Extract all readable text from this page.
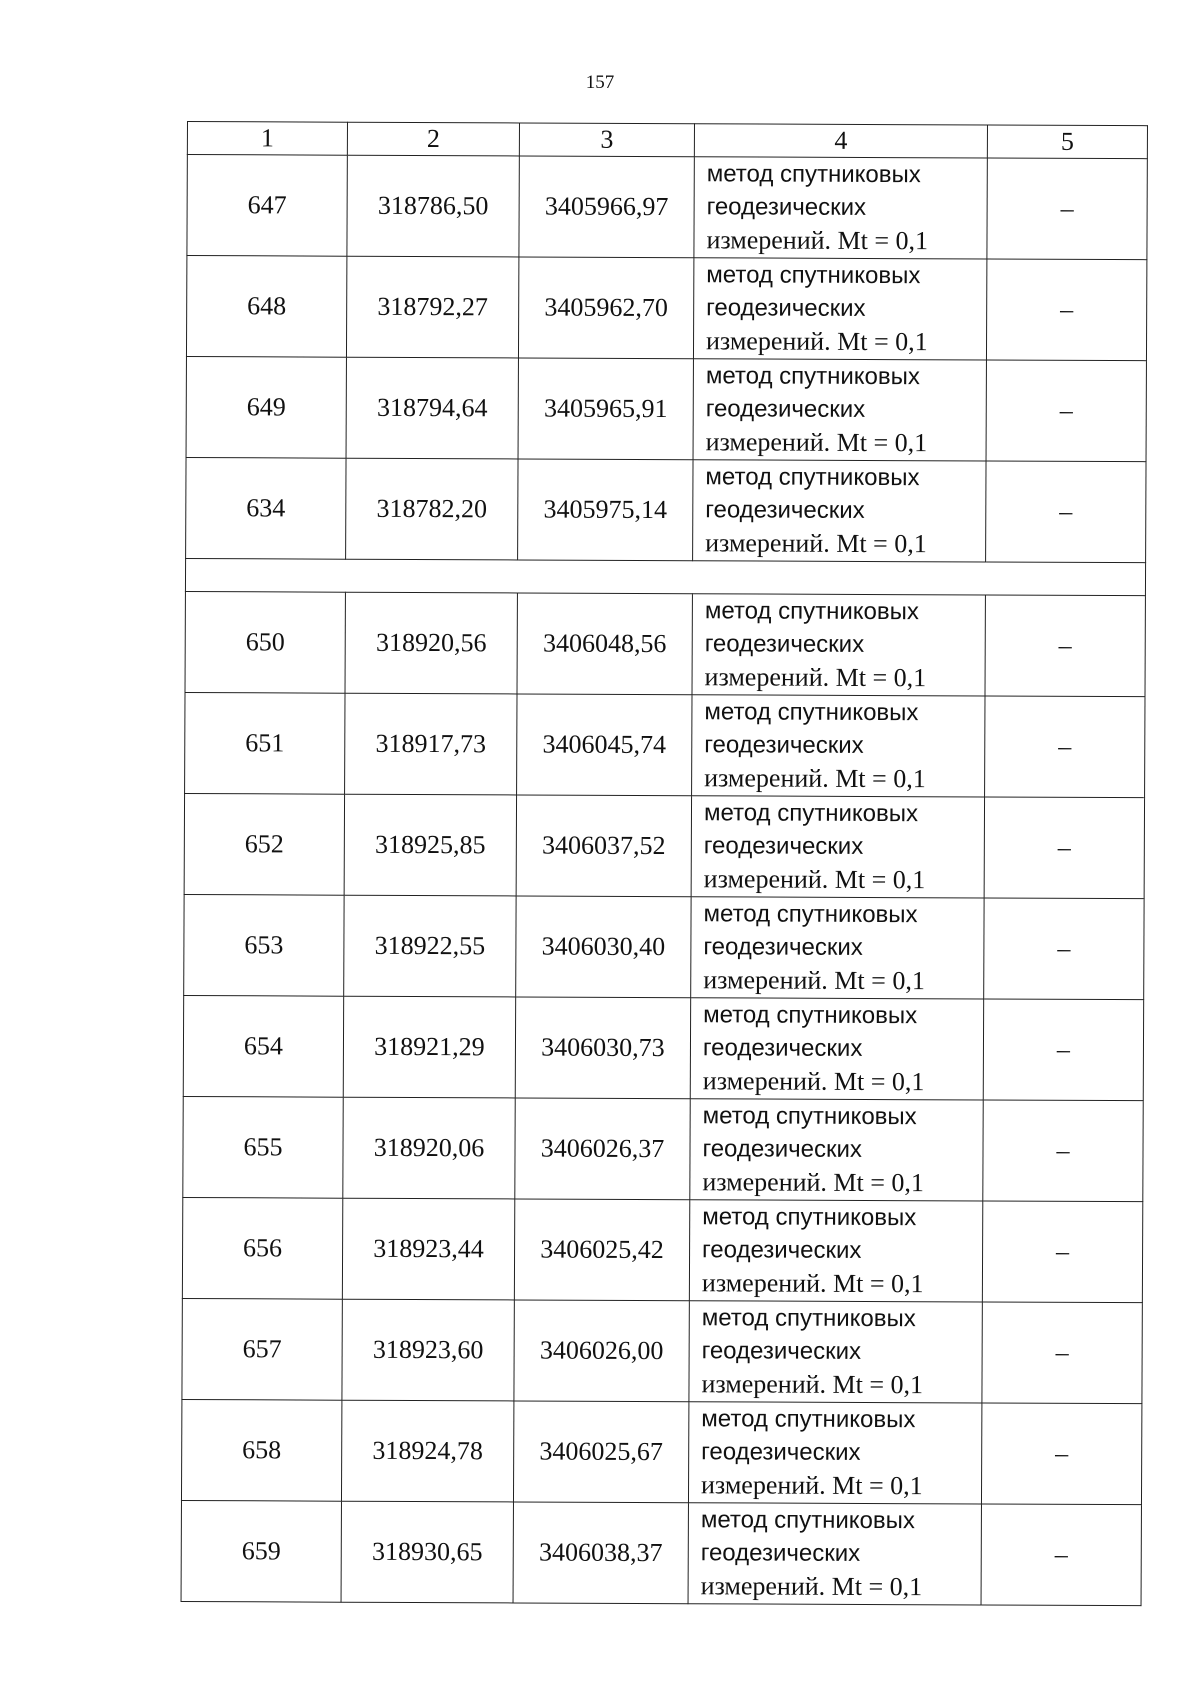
157
1	2	3	4	5
647	318786,50	3405966,97	метод спутниковых
геодезических
измерений. Mt = 0,1	–
648	318792,27	3405962,70	метод спутниковых
геодезических
измерений. Mt = 0,1	–
649	318794,64	3405965,91	метод спутниковых
геодезических
измерений. Mt = 0,1	–
634	318782,20	3405975,14	метод спутниковых
геодезических
измерений. Mt = 0,1	–

650	318920,56	3406048,56	метод спутниковых
геодезических
измерений. Mt = 0,1	–
651	318917,73	3406045,74	метод спутниковых
геодезических
измерений. Mt = 0,1	–
652	318925,85	3406037,52	метод спутниковых
геодезических
измерений. Mt = 0,1	–
653	318922,55	3406030,40	метод спутниковых
геодезических
измерений. Mt = 0,1	–
654	318921,29	3406030,73	метод спутниковых
геодезических
измерений. Mt = 0,1	–
655	318920,06	3406026,37	метод спутниковых
геодезических
измерений. Mt = 0,1	–
656	318923,44	3406025,42	метод спутниковых
геодезических
измерений. Mt = 0,1	–
657	318923,60	3406026,00	метод спутниковых
геодезических
измерений. Mt = 0,1	–
658	318924,78	3406025,67	метод спутниковых
геодезических
измерений. Mt = 0,1	–
659	318930,65	3406038,37	метод спутниковых
геодезических
измерений. Mt = 0,1	–
